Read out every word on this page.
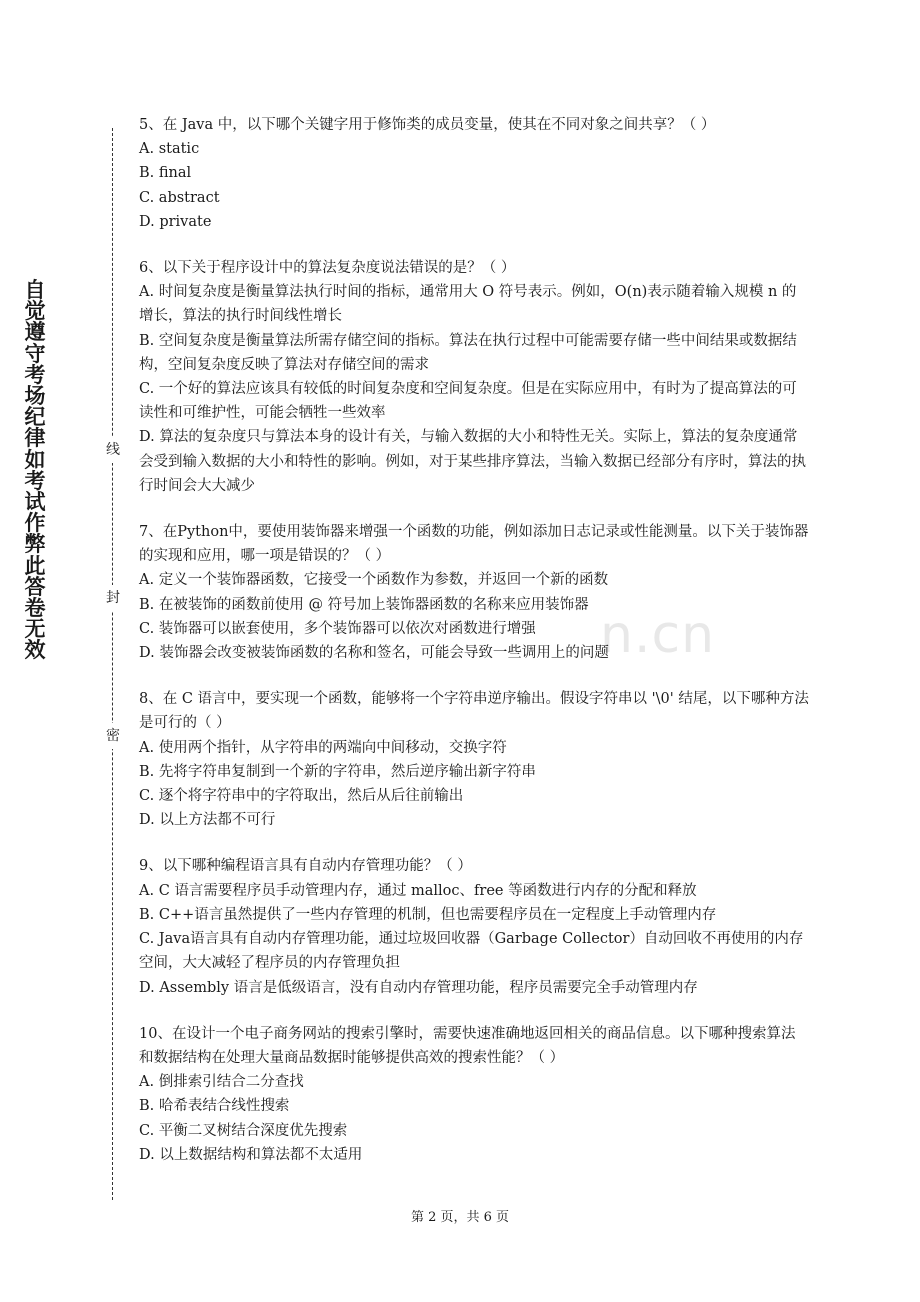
自觉遵守考场纪律如考试作弊此答卷无效
线
封
密
n.cn

5、在 Java 中，以下哪个关键字用于修饰类的成员变量，使其在不同对象之间共享？（ ）

A. static

B. final

C. abstract

D. private

6、以下关于程序设计中的算法复杂度说法错误的是？（ ）

A. 时间复杂度是衡量算法执行时间的指标，通常用大 O 符号表示。例如，O(n)表示随着输入规模 n 的增长，算法的执行时间线性增长

B. 空间复杂度是衡量算法所需存储空间的指标。算法在执行过程中可能需要存储一些中间结果或数据结构，空间复杂度反映了算法对存储空间的需求

C. 一个好的算法应该具有较低的时间复杂度和空间复杂度。但是在实际应用中，有时为了提高算法的可读性和可维护性，可能会牺牲一些效率

D. 算法的复杂度只与算法本身的设计有关，与输入数据的大小和特性无关。实际上，算法的复杂度通常会受到输入数据的大小和特性的影响。例如，对于某些排序算法，当输入数据已经部分有序时，算法的执行时间会大大减少

7、在Python中，要使用装饰器来增强一个函数的功能，例如添加日志记录或性能测量。以下关于装饰器的实现和应用，哪一项是错误的？（ ）

A. 定义一个装饰器函数，它接受一个函数作为参数，并返回一个新的函数

B. 在被装饰的函数前使用 @ 符号加上装饰器函数的名称来应用装饰器

C. 装饰器可以嵌套使用，多个装饰器可以依次对函数进行增强

D. 装饰器会改变被装饰函数的名称和签名，可能会导致一些调用上的问题

8、在 C 语言中，要实现一个函数，能够将一个字符串逆序输出。假设字符串以 '\0' 结尾，以下哪种方法是可行的（ ）

A. 使用两个指针，从字符串的两端向中间移动，交换字符

B. 先将字符串复制到一个新的字符串，然后逆序输出新字符串

C. 逐个将字符串中的字符取出，然后从后往前输出

D. 以上方法都不可行

9、以下哪种编程语言具有自动内存管理功能？（ ）

A. C 语言需要程序员手动管理内存，通过 malloc、free 等函数进行内存的分配和释放

B. C++语言虽然提供了一些内存管理的机制，但也需要程序员在一定程度上手动管理内存

C. Java语言具有自动内存管理功能，通过垃圾回收器（Garbage Collector）自动回收不再使用的内存空间，大大减轻了程序员的内存管理负担

D. Assembly 语言是低级语言，没有自动内存管理功能，程序员需要完全手动管理内存

10、在设计一个电子商务网站的搜索引擎时，需要快速准确地返回相关的商品信息。以下哪种搜索算法和数据结构在处理大量商品数据时能够提供高效的搜索性能？（ ）

A. 倒排索引结合二分查找

B. 哈希表结合线性搜索

C. 平衡二叉树结合深度优先搜索

D. 以上数据结构和算法都不太适用

第 2 页，共 6 页
